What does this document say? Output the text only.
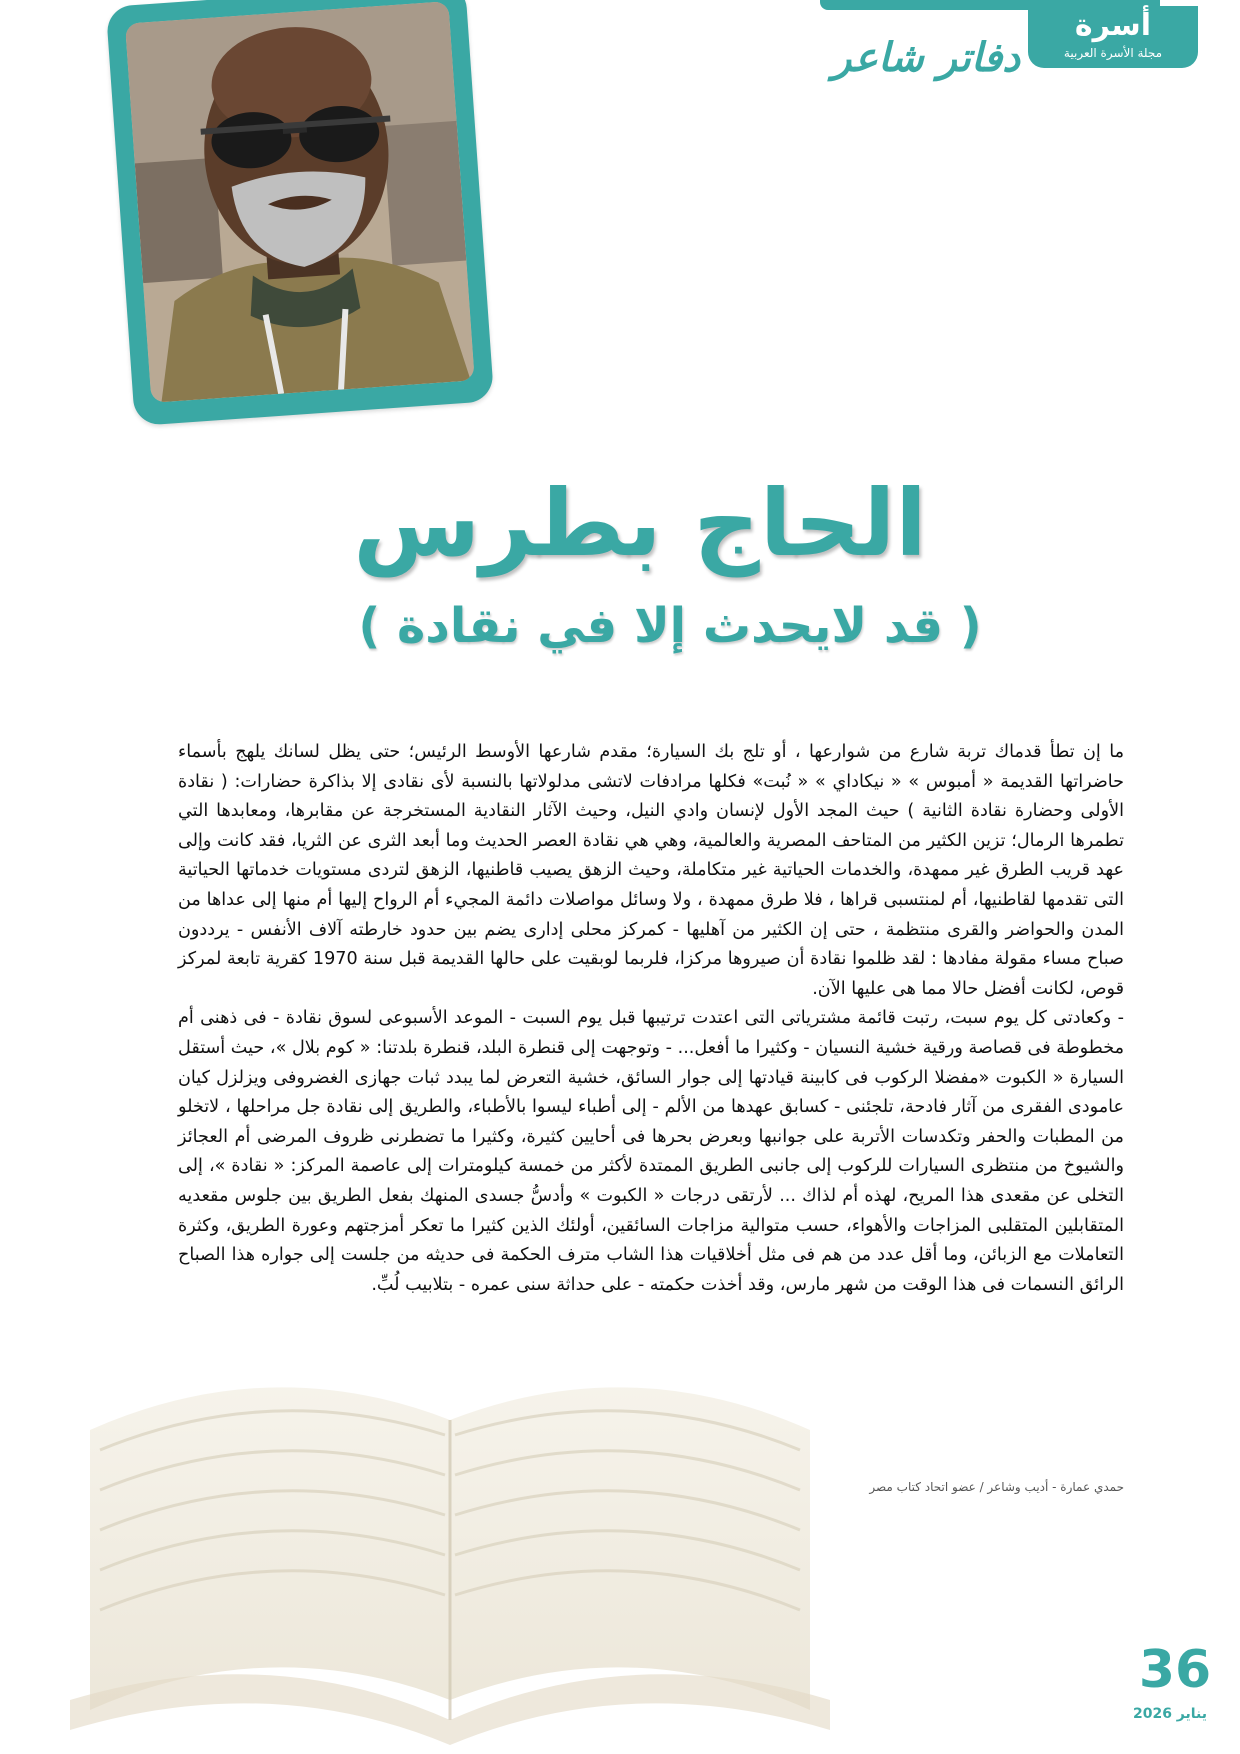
دفاتر شاعر
أسرة
مجلة الأسرة العربية
الحاج بطرس
( قد لايحدث إلا في نقادة )

ما إن تطأ قدماك تربة شارع من شوارعها ، أو تلج بك السيارة؛ مقدم شارعها الأوسط الرئيس؛ حتى يظل لسانك يلهج بأسماء حاضراتها القديمة « أمبوس » « نيكاداي » « نُبت» فكلها مرادفات لاتشى مدلولاتها بالنسبة لأى نقادى إلا بذاكرة حضارات: ( نقادة الأولى وحضارة نقادة الثانية ) حيث المجد الأول لإنسان وادي النيل، وحيث الآثار النقادية المستخرجة عن مقابرها، ومعابدها التي تطمرها الرمال؛ تزين الكثير من المتاحف المصرية والعالمية، وهي هي نقادة العصر الحديث وما أبعد الثرى عن الثريا، فقد كانت وإلى عهد قريب الطرق غير ممهدة، والخدمات الحياتية غير متكاملة، وحيث الزهق يصيب قاطنيها، الزهق لتردى مستويات خدماتها الحياتية التى تقدمها لقاطنيها، أم لمنتسبى قراها ، فلا طرق ممهدة ، ولا وسائل مواصلات دائمة المجيء أم الرواح إليها أم منها إلى عداها من المدن والحواضر والقرى منتظمة ، حتى إن الكثير من آهليها - كمركز محلى إدارى يضم بين حدود خارطته آلاف الأنفس - يرددون صباح مساء مقولة مفادها : لقد ظلموا نقادة أن صيروها مركزا، فلربما لوبقيت على حالها القديمة قبل سنة 1970 كقرية تابعة لمركز قوص، لكانت أفضل حالا مما هى عليها الآن.

- وكعادتى كل يوم سبت، رتبت قائمة مشترياتى التى اعتدت ترتيبها قبل يوم السبت - الموعد الأسبوعى لسوق نقادة - فى ذهنى أم مخطوطة فى قصاصة ورقية خشية النسيان - وكثيرا ما أفعل... - وتوجهت إلى قنطرة البلد، قنطرة بلدتنا: « كوم بلال »، حيث أستقل السيارة « الكبوت «مفضلا الركوب فى كابينة قيادتها إلى جوار السائق، خشية التعرض لما يبدد ثبات جهازى الغضروفى ويزلزل كيان عامودى الفقرى من آثار فادحة، تلجئنى - كسابق عهدها من الألم - إلى أطباء ليسوا بالأطباء، والطريق إلى نقادة جل مراحلها ، لاتخلو من المطبات والحفر وتكدسات الأتربة على جوانبها وبعرض بحرها فى أحايين كثيرة، وكثيرا ما تضطرنى ظروف المرضى أم العجائز والشيوخ من منتظرى السيارات للركوب إلى جانبى الطريق الممتدة لأكثر من خمسة كيلومترات إلى عاصمة المركز: « نقادة »، إلى التخلى عن مقعدى هذا المريح، لهذه أم لذاك ... لأرتقى درجات « الكبوت » وأدسُّ جسدى المنهك بفعل الطريق بين جلوس مقعديه المتقابلين المتقلبى المزاجات والأهواء، حسب متوالية مزاجات السائقين، أولئك الذين كثيرا ما تعكر أمزجتهم وعورة الطريق، وكثرة التعاملات مع الزبائن، وما أقل عدد من هم فى مثل أخلاقيات هذا الشاب مترف الحكمة فى حديثه من جلست إلى جواره هذا الصباح الرائق النسمات فى هذا الوقت من شهر مارس، وقد أخذت حكمته - على حداثة سنى عمره - بتلابيب لُبِّ.

حمدي عمارة - أديب وشاعر / عضو اتحاد كتاب مصر
36
يناير 2026
